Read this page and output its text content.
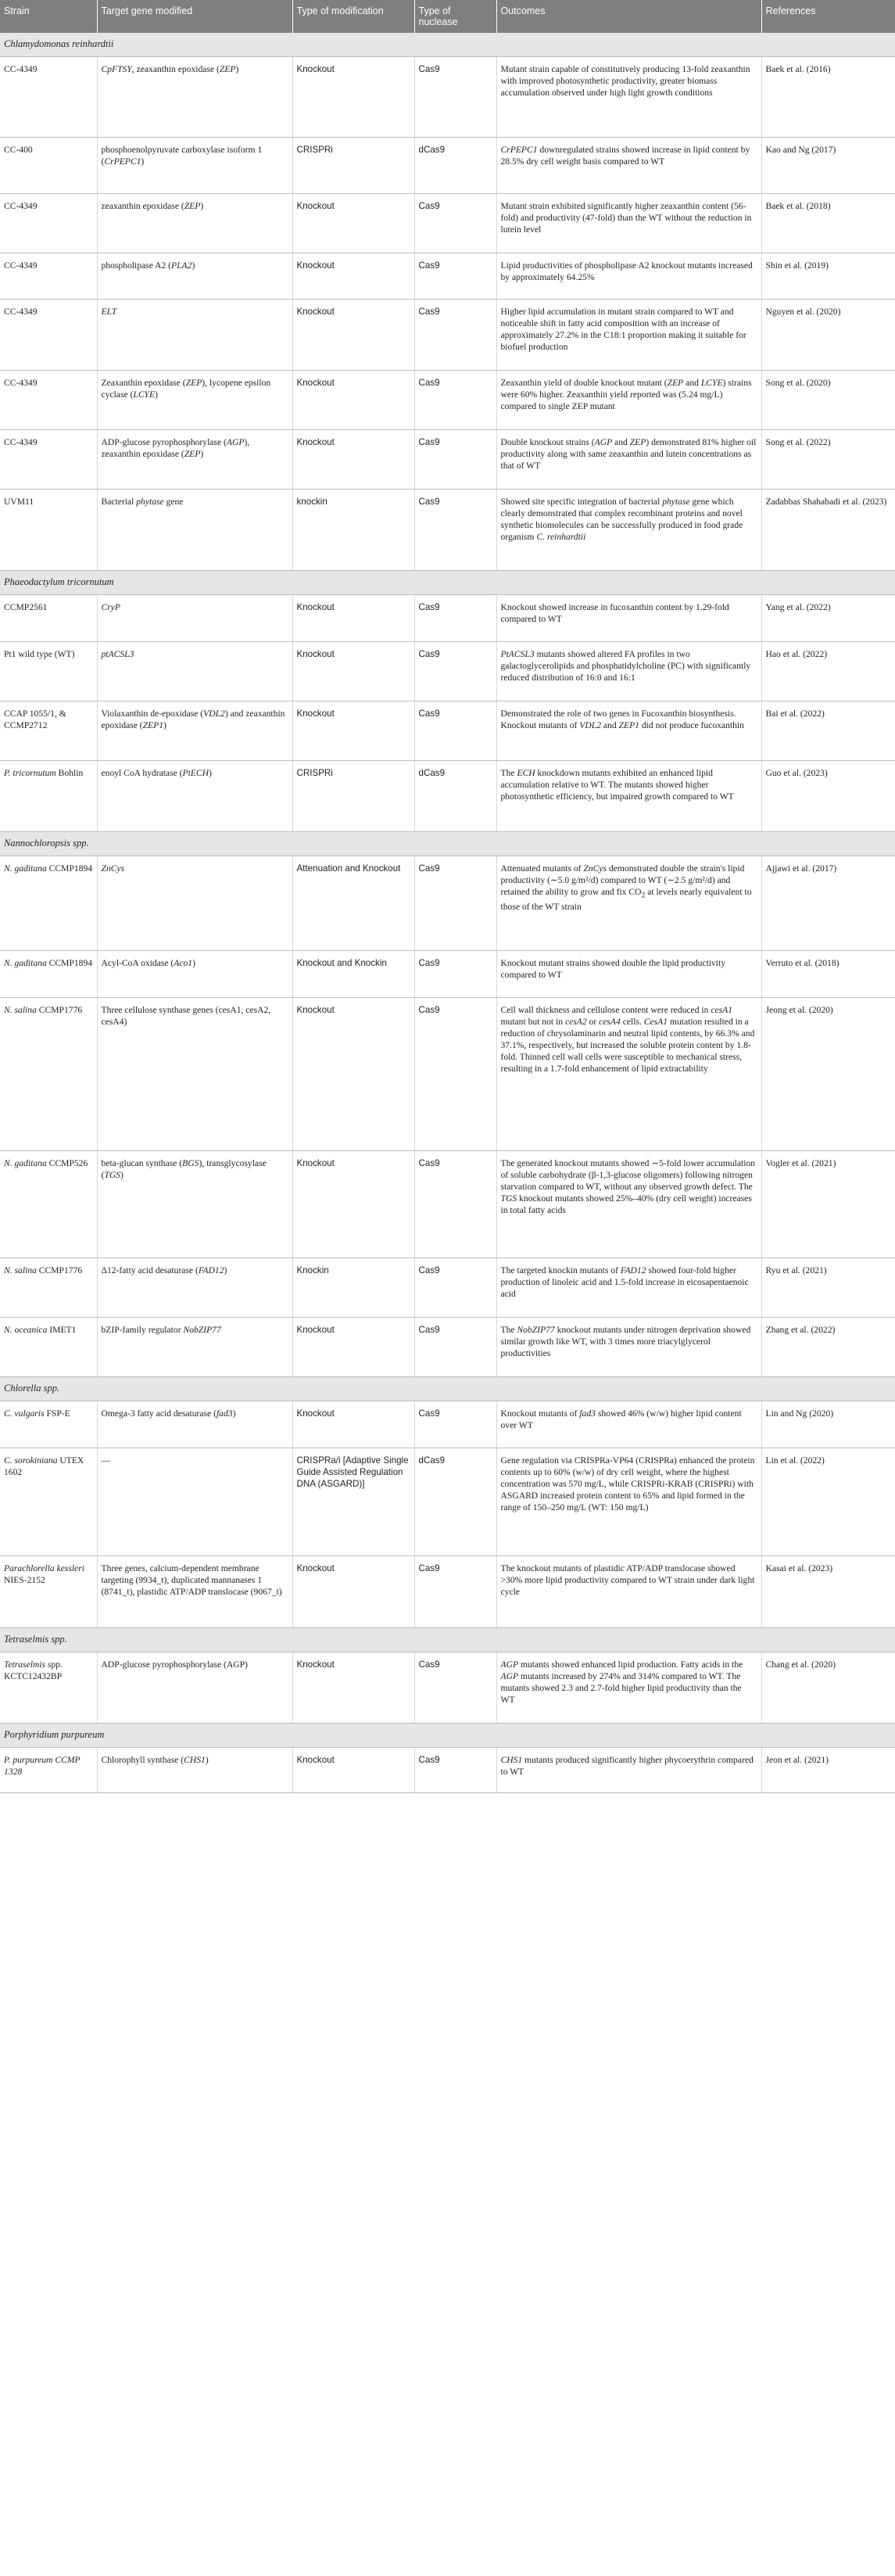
Strain	Target gene modified	Type of modification	Type of nuclease	Outcomes	References
Chlamydomonas reinhardtii					
CC-4349	CpFTSY, zeaxanthin epoxidase (ZEP)	Knockout	Cas9	Mutant strain capable of constitutively producing 13-fold zeaxanthin with improved photosynthetic productivity, greater biomass accumulation observed under high light growth conditions	Baek et al. (2016)
CC-400	phosphoenolpyruvate carboxylase isoform 1 (CrPEPC1)	CRISPRi	dCas9	CrPEPC1 downregulated strains showed increase in lipid content by 28.5% dry cell weight basis compared to WT	Kao and Ng (2017)
CC-4349	zeaxanthin epoxidase (ZEP)	Knockout	Cas9	Mutant strain exhibited significantly higher zeaxanthin content (56-fold) and productivity (47-fold) than the WT without the reduction in lutein level	Baek et al. (2018)
CC-4349	phospholipase A2 (PLA2)	Knockout	Cas9	Lipid productivities of phospholipase A2 knockout mutants increased by approximately 64.25%	Shin et al. (2019)
CC-4349	ELT	Knockout	Cas9	Higher lipid accumulation in mutant strain compared to WT and noticeable shift in fatty acid composition with an increase of approximately 27.2% in the C18:1 proportion making it suitable for biofuel production	Nguyen et al. (2020)
CC-4349	Zeaxanthin epoxidase (ZEP), lycopene epsilon cyclase (LCYE)	Knockout	Cas9	Zeaxanthin yield of double knockout mutant (ZEP and LCYE) strains were 60% higher. Zeaxanthin yield reported was (5.24 mg/L) compared to single ZEP mutant	Song et al. (2020)
CC-4349	ADP-glucose pyrophosphorylase (AGP), zeaxanthin epoxidase (ZEP)	Knockout	Cas9	Double knockout strains (AGP and ZEP) demonstrated 81% higher oil productivity along with same zeaxanthin and lutein concentrations as that of WT	Song et al. (2022)
UVM11	Bacterial phytase gene	knockin	Cas9	Showed site specific integration of bacterial phytase gene which clearly demonstrated that complex recombinant proteins and novel synthetic biomolecules can be successfully produced in food grade organism C. reinhardtii	Zadabbas Shahabadi et al. (2023)
Phaeodactylum tricornutum					
CCMP2561	CryP	Knockout	Cas9	Knockout showed increase in fucoxanthin content by 1.29-fold compared to WT	Yang et al. (2022)
Pt1 wild type (WT)	ptACSL3	Knockout	Cas9	PtACSL3 mutants showed altered FA profiles in two galactoglycerolipids and phosphatidylcholine (PC) with significantly reduced distribution of 16:0 and 16:1	Hao et al. (2022)
CCAP 1055/1, & CCMP2712	Violaxanthin de-epoxidase (VDL2) and zeaxanthin epoxidase (ZEP1)	Knockout	Cas9	Demonstrated the role of two genes in Fucoxanthin biosynthesis. Knockout mutants of VDL2 and ZEP1 did not produce fucoxanthin	Bai et al. (2022)
P. tricornutum Bohlin	enoyl CoA hydratase (PtECH)	CRISPRi	dCas9	The ECH knockdown mutants exhibited an enhanced lipid accumulation relative to WT. The mutants showed higher photosynthetic efficiency, but impaired growth compared to WT	Guo et al. (2023)
Nannochloropsis spp.					
N. gaditana CCMP1894	ZnCys	Attenuation and Knockout	Cas9	Attenuated mutants of ZnCys demonstrated double the strain's lipid productivity (∼5.0 g/m²/d) compared to WT (∼2.5 g/m²/d) and retained the ability to grow and fix $CO_2$ at levels nearly equivalent to those of the WT strain	Ajjawi et al. (2017)
N. gaditana CCMP1894	Acyl-CoA oxidase (Aco1)	Knockout and Knockin	Cas9	Knockout mutant strains showed double the lipid productivity compared to WT	Verruto et al. (2018)
N. salina CCMP1776	Three cellulose synthase genes (cesA1, cesA2, cesA4)	Knockout	Cas9	Cell wall thickness and cellulose content were reduced in cesA1 mutant but not in cesA2 or cesA4 cells. CesA1 mutation resulted in a reduction of chrysolaminarin and neutral lipid contents, by 66.3% and 37.1%, respectively, but increased the soluble protein content by 1.8-fold. Thinned cell wall cells were susceptible to mechanical stress, resulting in a 1.7-fold enhancement of lipid extractability	Jeong et al. (2020)
N. gaditana CCMP526	beta-glucan synthase (BGS), transglycosylase (TGS)	Knockout	Cas9	The generated knockout mutants showed ∼5-fold lower accumulation of soluble carbohydrate (β-1,3-glucose oligomers) following nitrogen starvation compared to WT, without any observed growth defect. The TGS knockout mutants showed 25%–40% (dry cell weight) increases in total fatty acids	Vogler et al. (2021)
N. salina CCMP1776	Δ12-fatty acid desaturase (FAD12)	Knockin	Cas9	The targeted knockin mutants of FAD12 showed four-fold higher production of linoleic acid and 1.5-fold increase in eicosapentaenoic acid	Ryu et al. (2021)
N. oceanica IMET1	bZIP-family regulator NobZIP77	Knockout	Cas9	The NobZIP77 knockout mutants under nitrogen deprivation showed similar growth like WT, with 3 times more triacylglycerol productivities	Zhang et al. (2022)
Chlorella spp.					
C. vulgaris FSP-E	Omega-3 fatty acid desaturase (fad3)	Knockout	Cas9	Knockout mutants of fad3 showed 46% (w/w) higher lipid content over WT	Lin and Ng (2020)
C. sorokiniana UTEX 1602	—	CRISPRa/i [Adaptive Single Guide Assisted Regulation DNA (ASGARD)]	dCas9	Gene regulation via CRISPRa-VP64 (CRISPRa) enhanced the protein contents up to 60% (w/w) of dry cell weight, where the highest concentration was 570 mg/L, while CRISPRi-KRAB (CRISPRi) with ASGARD increased protein content to 65% and lipid formed in the range of 150–250 mg/L (WT: 150 mg/L)	Lin et al. (2022)
Parachlorella kessleri NIES-2152	Three genes, calcium-dependent membrane targeting (9934_t), duplicated mannanases 1 (8741_t), plastidic ATP/ADP translocase (9067_t)	Knockout	Cas9	The knockout mutants of plastidic ATP/ADP translocase showed >30% more lipid productivity compared to WT strain under dark light cycle	Kasai et al. (2023)
Tetraselmis spp.					
Tetraselmis spp. KCTC12432BP	ADP-glucose pyrophosphorylase (AGP)	Knockout	Cas9	AGP mutants showed enhanced lipid production. Fatty acids in the AGP mutants increased by 274% and 314% compared to WT. The mutants showed 2.3 and 2.7-fold higher lipid productivity than the WT	Chang et al. (2020)
Porphyridium purpureum					
P. purpureum CCMP 1328	Chlorophyll synthase (CHS1)	Knockout	Cas9	CHS1 mutants produced significantly higher phycoerythrin compared to WT	Jeon et al. (2021)
